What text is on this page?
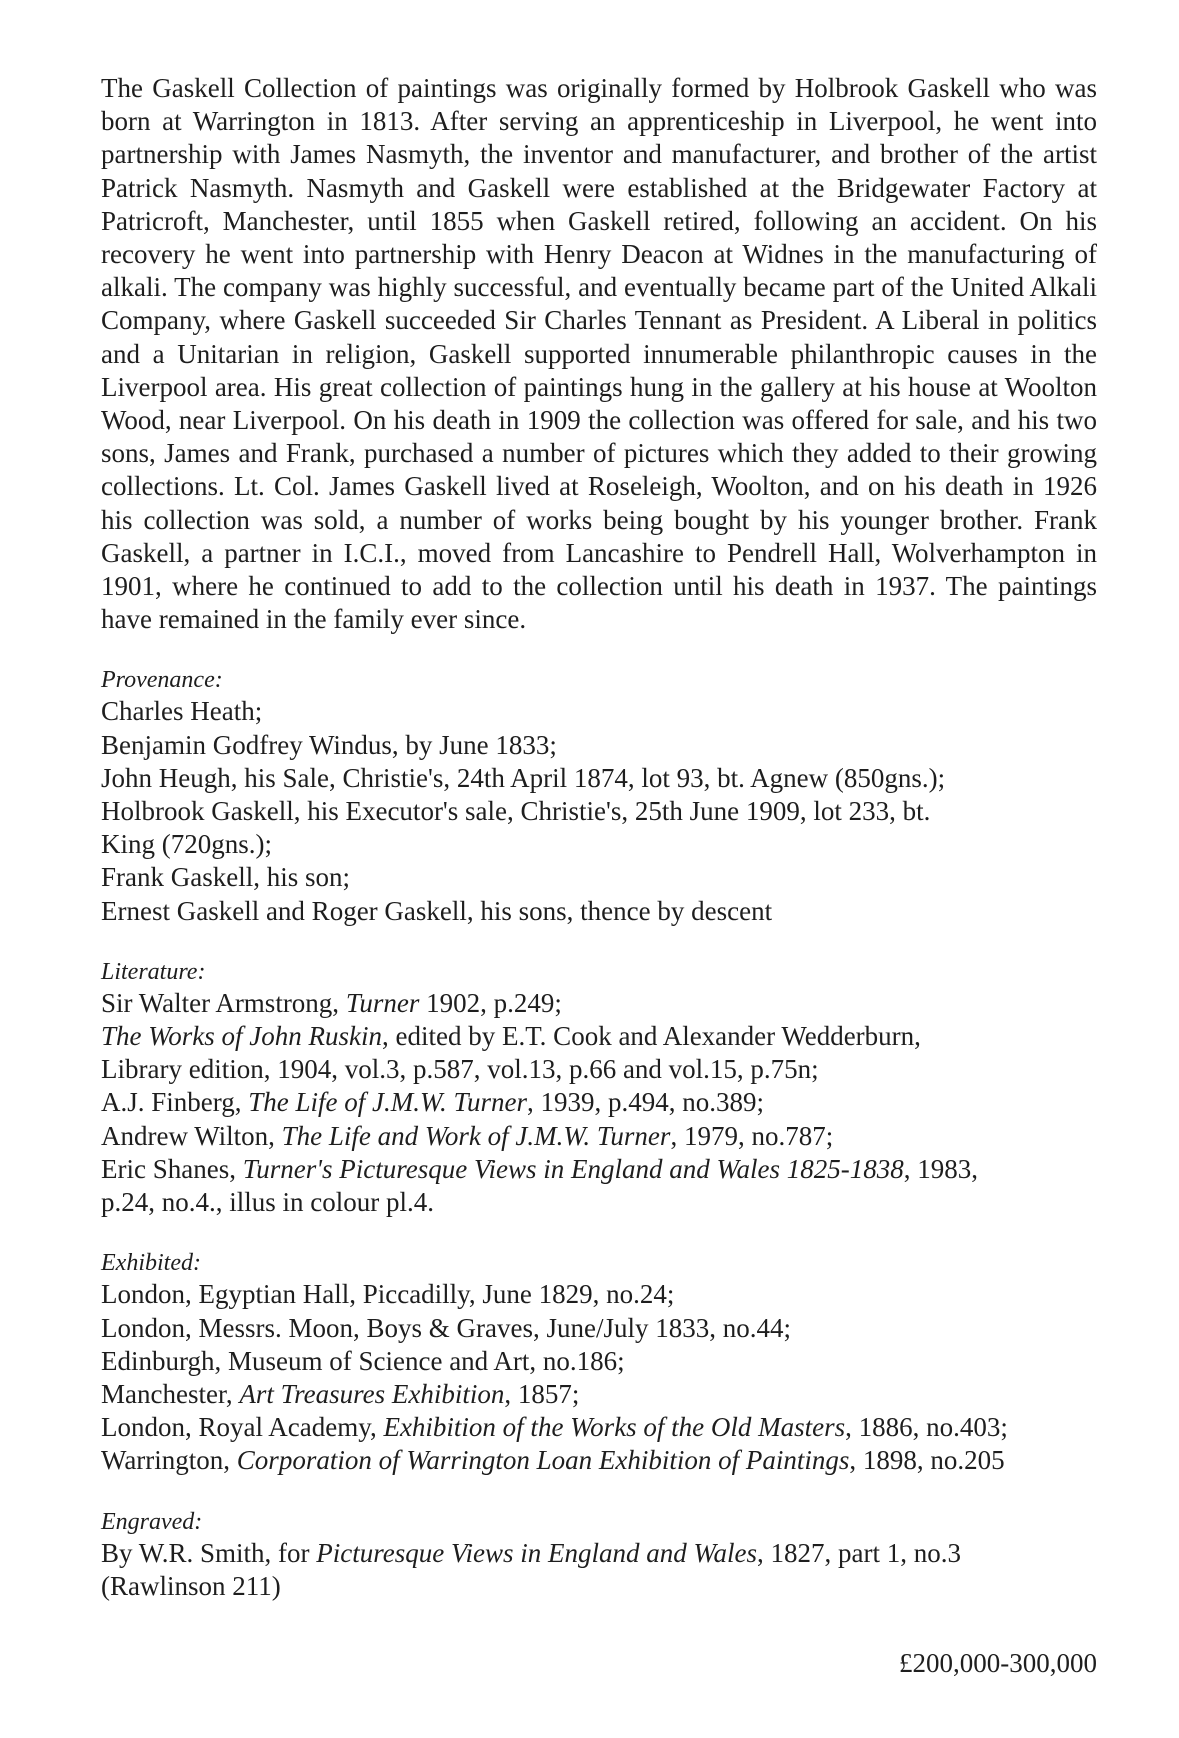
The Gaskell Collection of paintings was originally formed by Holbrook Gaskell who was born at Warrington in 1813. After serving an apprenticeship in Liverpool, he went into partnership with James Nasmyth, the inventor and manufacturer, and brother of the artist Patrick Nasmyth. Nasmyth and Gaskell were established at the Bridgewater Factory at Patricroft, Manchester, until 1855 when Gaskell retired, following an accident. On his recovery he went into partnership with Henry Deacon at Widnes in the manufacturing of alkali. The company was highly successful, and eventually became part of the United Alkali Company, where Gaskell succeeded Sir Charles Tennant as President. A Liberal in politics and a Unitarian in religion, Gaskell supported innumerable philanthropic causes in the Liverpool area. His great collection of paintings hung in the gallery at his house at Woolton Wood, near Liverpool. On his death in 1909 the collection was offered for sale, and his two sons, James and Frank, purchased a number of pictures which they added to their growing collections. Lt. Col. James Gaskell lived at Roseleigh, Woolton, and on his death in 1926 his collection was sold, a number of works being bought by his younger brother. Frank Gaskell, a partner in I.C.I., moved from Lancashire to Pendrell Hall, Wolverhampton in 1901, where he continued to add to the collection until his death in 1937. The paintings have remained in the family ever since.

Provenance:

Charles Heath;

Benjamin Godfrey Windus, by June 1833;

John Heugh, his Sale, Christie's, 24th April 1874, lot 93, bt. Agnew (850gns.);

Holbrook Gaskell, his Executor's sale, Christie's, 25th June 1909, lot 233, bt.

King (720gns.);

Frank Gaskell, his son;

Ernest Gaskell and Roger Gaskell, his sons, thence by descent

Literature:

Sir Walter Armstrong, Turner 1902, p.249;

The Works of John Ruskin, edited by E.T. Cook and Alexander Wedderburn,

Library edition, 1904, vol.3, p.587, vol.13, p.66 and vol.15, p.75n;

A.J. Finberg, The Life of J.M.W. Turner, 1939, p.494, no.389;

Andrew Wilton, The Life and Work of J.M.W. Turner, 1979, no.787;

Eric Shanes, Turner's Picturesque Views in England and Wales 1825-1838, 1983,

p.24, no.4., illus in colour pl.4.

Exhibited:

London, Egyptian Hall, Piccadilly, June 1829, no.24;

London, Messrs. Moon, Boys & Graves, June/July 1833, no.44;

Edinburgh, Museum of Science and Art, no.186;

Manchester, Art Treasures Exhibition, 1857;

London, Royal Academy, Exhibition of the Works of the Old Masters, 1886, no.403;

Warrington, Corporation of Warrington Loan Exhibition of Paintings, 1898, no.205

Engraved:

By W.R. Smith, for Picturesque Views in England and Wales, 1827, part 1, no.3

(Rawlinson 211)

£200,000-300,000
